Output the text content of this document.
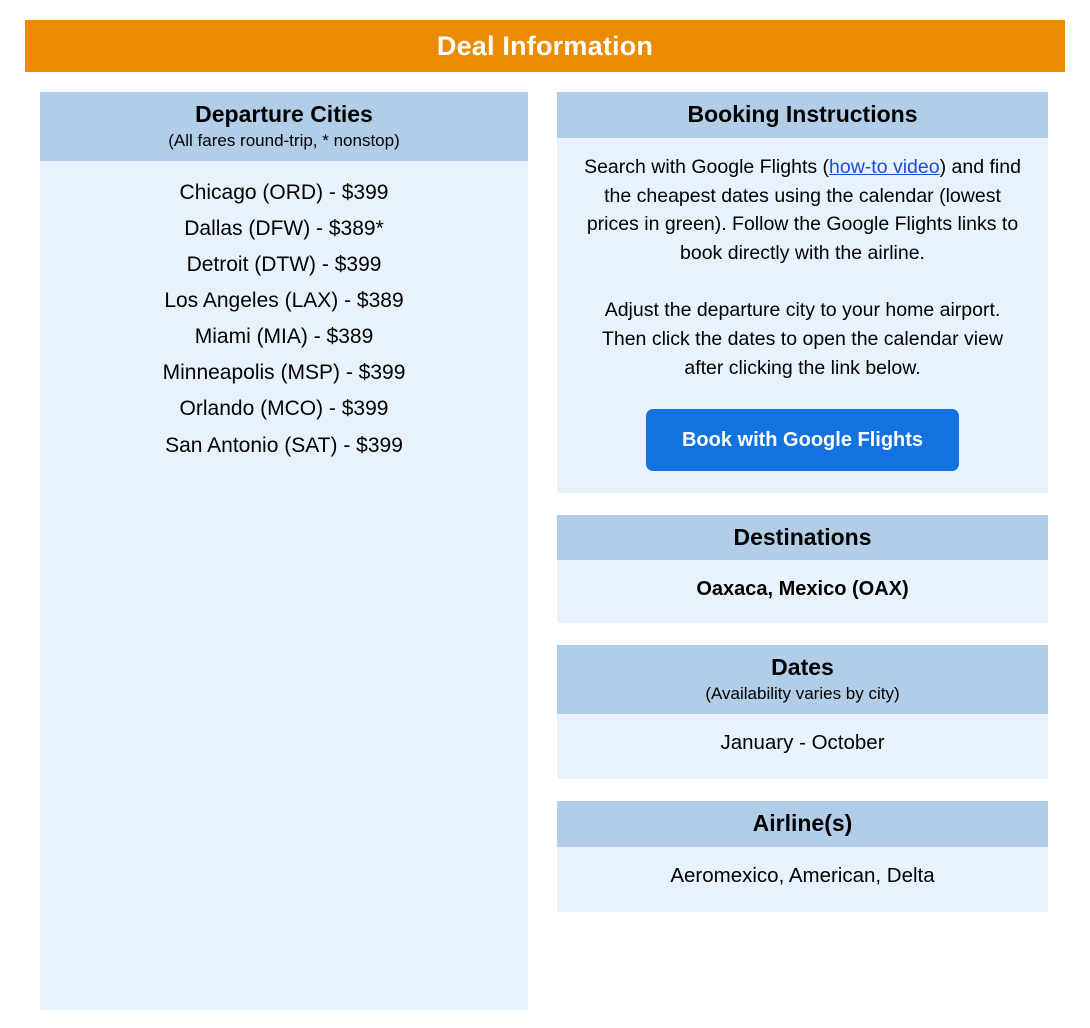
Deal Information
Departure Cities
(All fares round-trip, * nonstop)
Chicago (ORD) - $399
Dallas (DFW) - $389*
Detroit (DTW) - $399
Los Angeles (LAX) - $389
Miami (MIA) - $389
Minneapolis (MSP) - $399
Orlando (MCO) - $399
San Antonio (SAT) - $399
Booking Instructions

Search with Google Flights (how-to video) and find the cheapest dates using the calendar (lowest prices in green). Follow the Google Flights links to book directly with the airline.

Adjust the departure city to your home airport. Then click the dates to open the calendar view after clicking the link below.

Book with Google Flights
Destinations
Oaxaca, Mexico (OAX)
Dates
(Availability varies by city)
January - October
Airline(s)
Aeromexico, American, Delta
